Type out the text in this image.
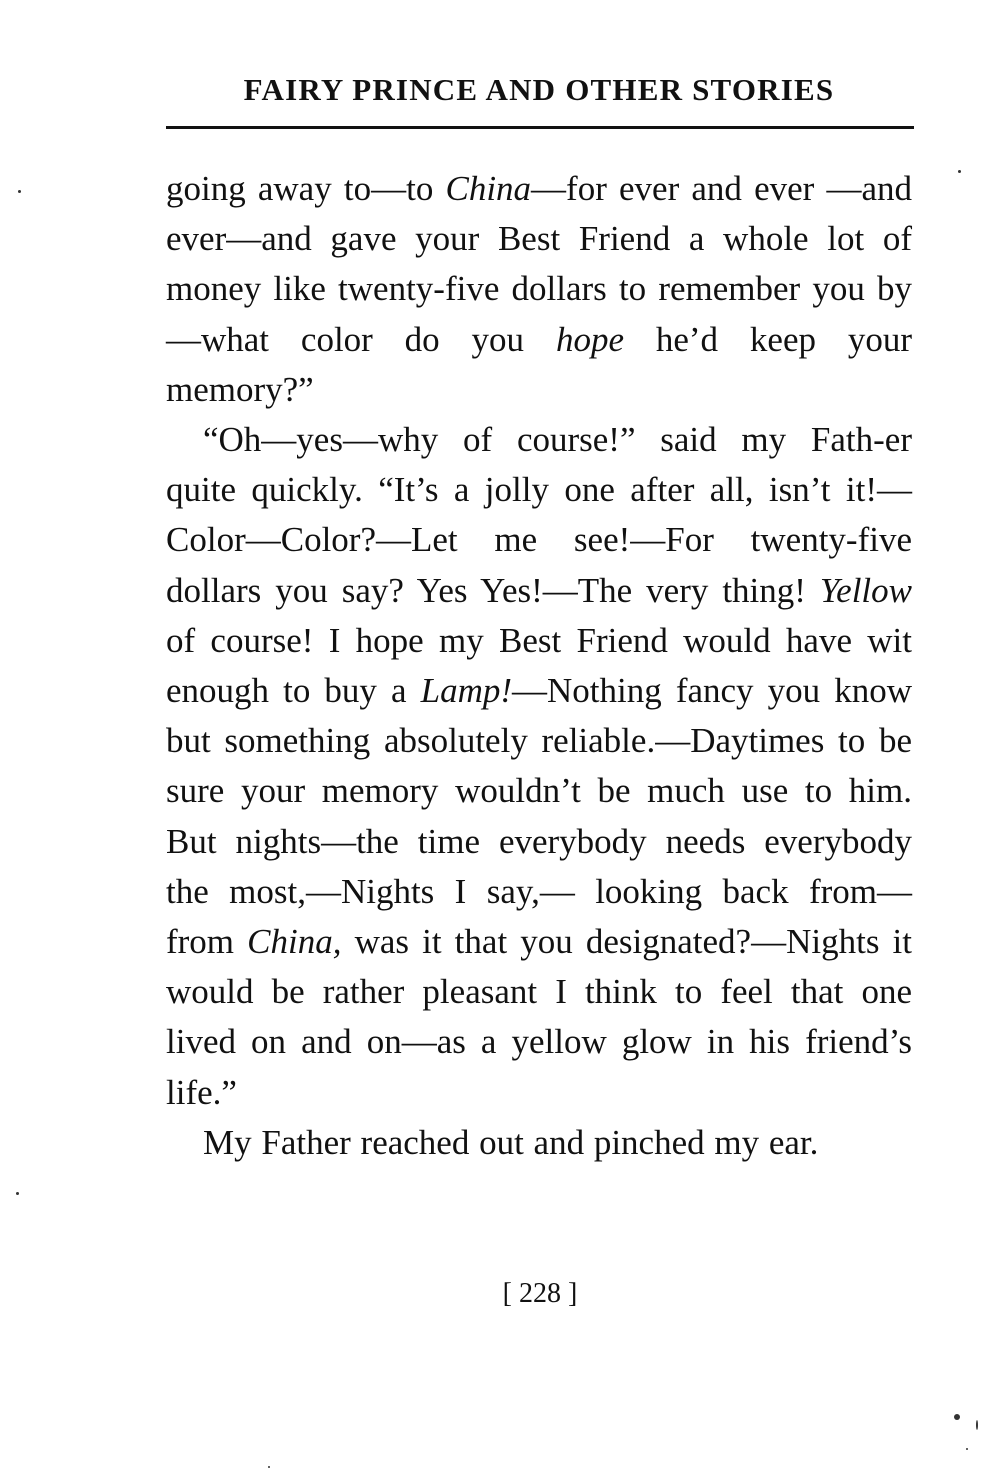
FAIRY PRINCE AND OTHER STORIES

going away to—to China—for ever and ever —and ever—and gave your Best Friend a whole lot of money like twenty-five dollars to remember you by—what color do you hope he’d keep your memory?”

“Oh—yes—why of course!” said my Fath-er quite quickly. “It’s a jolly one after all, isn’t it!—Color—Color?—Let me see!—For twenty-five dollars you say? Yes Yes!—The very thing! Yellow of course! I hope my Best Friend would have wit enough to buy a Lamp!—Nothing fancy you know but something absolutely reliable.—Daytimes to be sure your memory wouldn’t be much use to him. But nights—the time everybody needs everybody the most,—Nights I say,— looking back from—from China, was it that you designated?—Nights it would be rather pleasant I think to feel that one lived on and on—as a yellow glow in his friend’s life.”

My Father reached out and pinched my ear.

[ 228 ]
